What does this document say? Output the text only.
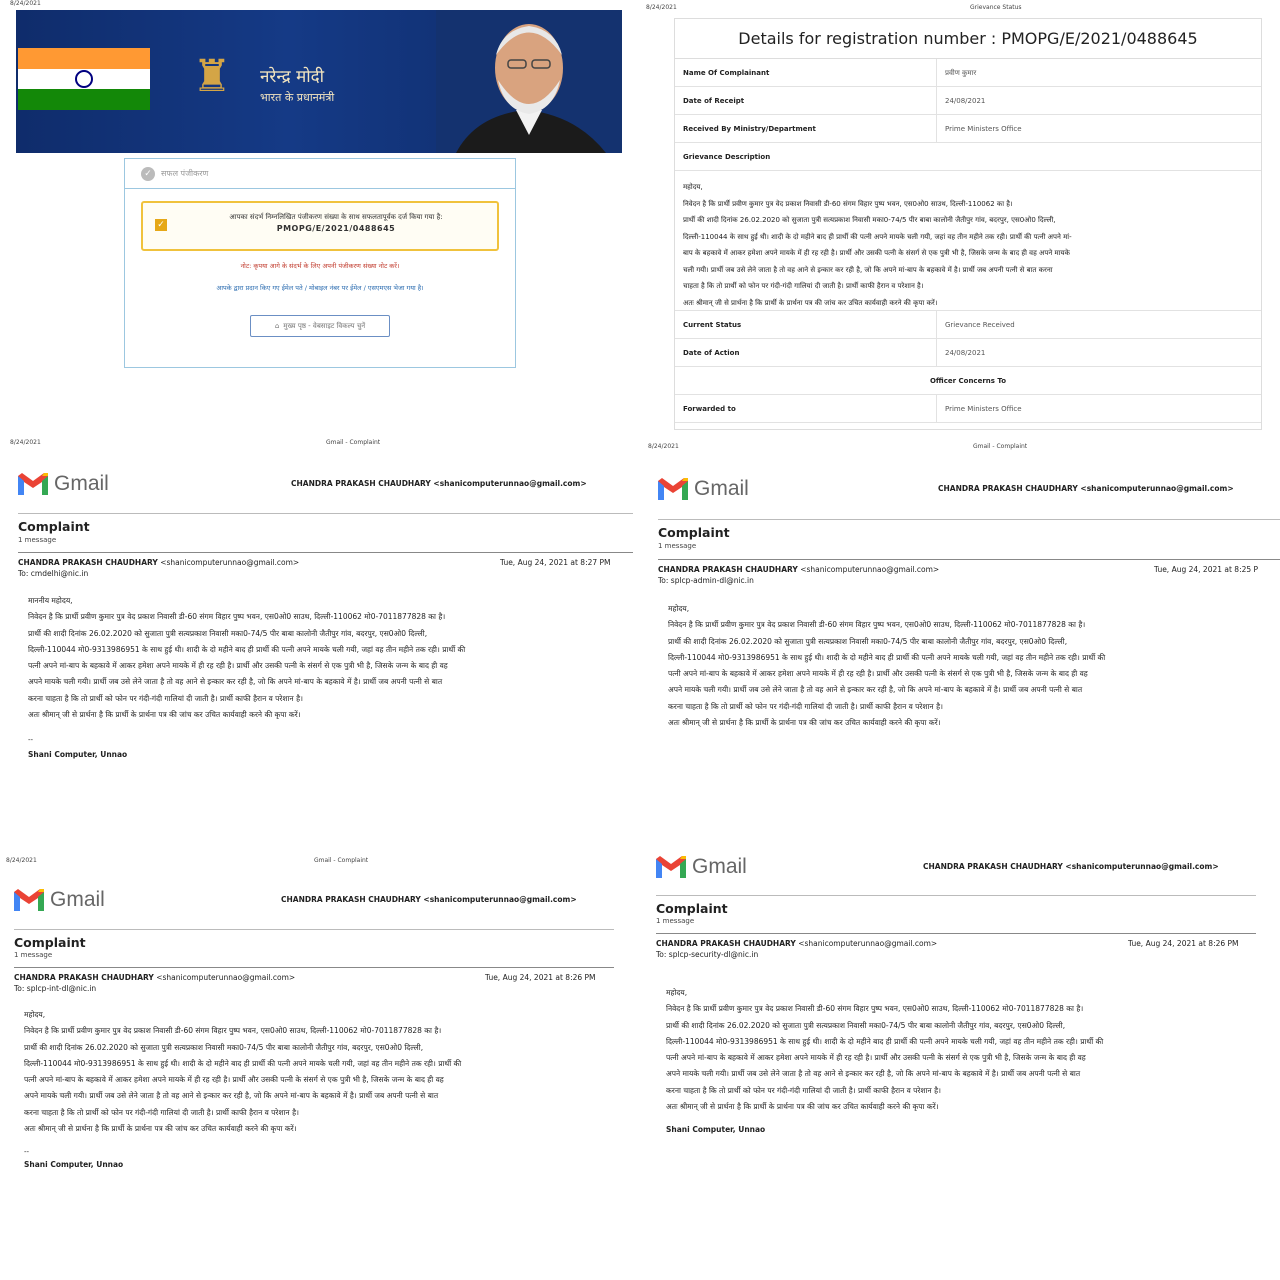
8/24/2021
♜	नरेन्द्र मोदी
भारत के प्रधानमंत्री
✓	सफल पंजीकरण
✓
आपका संदर्भ निम्नलिखित पंजीकरण संख्या के साथ सफलतापूर्वक दर्ज किया गया है:
PMOPG/E/2021/0488645
नोट: कृपया आगे के संदर्भ के लिए अपनी पंजीकरण संख्या नोट करें।
आपके द्वारा प्रदान किए गए ईमेल पते / मोबाइल नंबर पर ईमेल / एसएमएस भेजा गया है।
⌂ मुख्य पृष्ठ - वेबसाइट विकल्प चुनें
8/24/2021	Grievance Status
Details for registration number : PMOPG/E/2021/0488645
Name Of Complainant	प्रवीण कुमार
Date of Receipt	24/08/2021
Received By Ministry/Department	Prime Ministers Office
Grievance Description
महोदय,
निवेदन है कि प्रार्थी प्रवीण कुमार पुत्र वेद प्रकाश निवासी डी-60 संगम विहार पुष्प भवन, एस0ओ0 साउथ, दिल्ली-110062 का है।
प्रार्थी की शादी दिनांक 26.02.2020 को सुजाता पुत्री सत्यप्रकाश निवासी मका0-74/5 पीर बाबा कालोनी जैतीपुर गांव, बदरपुर, एस0ओ0 दिल्ली,
दिल्ली-110044 के साथ हुई थी। शादी के दो महीने बाद ही प्रार्थी की पत्नी अपने मायके चली गयी, जहां वह तीन महीने तक रही। प्रार्थी की पत्नी अपने मां-
बाप के बहकावे में आकर हमेशा अपने मायके में ही रह रही है। प्रार्थी और उसकी पत्नी के संसर्ग से एक पुत्री भी है, जिसके जन्म के बाद ही वह अपने मायके
चली गयी। प्रार्थी जब उसे लेने जाता है तो वह आने से इन्कार कर रही है, जो कि अपने मां-बाप के बहकावे में है। प्रार्थी जब अपनी पत्नी से बात करना
चाहता है कि तो प्रार्थी को फोन पर गंदी-गंदी गालियां दी जाती है। प्रार्थी काफी हैरान व परेशान है।
अतः श्रीमान् जी से प्रार्थना है कि प्रार्थी के प्रार्थना पत्र की जांच कर उचित कार्यवाही करने की कृपा करें।
Current Status	Grievance Received
Date of Action	24/08/2021
Officer Concerns To
Forwarded to	Prime Ministers Office
8/24/2021	Gmail - Complaint
Gmail	CHANDRA PRAKASH CHAUDHARY <shanicomputerunnao@gmail.com>
Complaint
1 message
CHANDRA PRAKASH CHAUDHARY <shanicomputerunnao@gmail.com>	Tue, Aug 24, 2021 at 8:27 PM
To: cmdelhi@nic.in
माननीय महोदय,
निवेदन है कि प्रार्थी प्रवीण कुमार पुत्र वेद प्रकाश निवासी डी-60 संगम विहार पुष्प भवन, एस0ओ0 साउथ, दिल्ली-110062 मो0-7011877828 का है।
प्रार्थी की शादी दिनांक 26.02.2020 को सुजाता पुत्री सत्यप्रकाश निवासी मका0-74/5 पीर बाबा कालोनी जैतीपुर गांव, बदरपुर, एस0ओ0 दिल्ली,
दिल्ली-110044 मो0-9313986951 के साथ हुई थी। शादी के दो महीने बाद ही प्रार्थी की पत्नी अपने मायके चली गयी, जहां वह तीन महीने तक रही। प्रार्थी की
पत्नी अपने मां-बाप के बहकावे में आकर हमेशा अपने मायके में ही रह रही है। प्रार्थी और उसकी पत्नी के संसर्ग से एक पुत्री भी है, जिसके जन्म के बाद ही वह
अपने मायके चली गयी। प्रार्थी जब उसे लेने जाता है तो वह आने से इन्कार कर रही है, जो कि अपने मां-बाप के बहकावे में है। प्रार्थी जब अपनी पत्नी से बात
करना चाहता है कि तो प्रार्थी को फोन पर गंदी-गंदी गालियां दी जाती है। प्रार्थी काफी हैरान व परेशान है।
अतः श्रीमान् जी से प्रार्थना है कि प्रार्थी के प्रार्थना पत्र की जांच कर उचित कार्यवाही करने की कृपा करें।
--
Shani Computer, Unnao
8/24/2021	Gmail - Complaint
Gmail	CHANDRA PRAKASH CHAUDHARY <shanicomputerunnao@gmail.com>
Complaint
1 message
CHANDRA PRAKASH CHAUDHARY <shanicomputerunnao@gmail.com>	Tue, Aug 24, 2021 at 8:25 P
To: splcp-admin-dl@nic.in
महोदय,
निवेदन है कि प्रार्थी प्रवीण कुमार पुत्र वेद प्रकाश निवासी डी-60 संगम विहार पुष्प भवन, एस0ओ0 साउथ, दिल्ली-110062 मो0-7011877828 का है।
प्रार्थी की शादी दिनांक 26.02.2020 को सुजाता पुत्री सत्यप्रकाश निवासी मका0-74/5 पीर बाबा कालोनी जैतीपुर गांव, बदरपुर, एस0ओ0 दिल्ली,
दिल्ली-110044 मो0-9313986951 के साथ हुई थी। शादी के दो महीने बाद ही प्रार्थी की पत्नी अपने मायके चली गयी, जहां वह तीन महीने तक रही। प्रार्थी की
पत्नी अपने मां-बाप के बहकावे में आकर हमेशा अपने मायके में ही रह रही है। प्रार्थी और उसकी पत्नी के संसर्ग से एक पुत्री भी है, जिसके जन्म के बाद ही वह
अपने मायके चली गयी। प्रार्थी जब उसे लेने जाता है तो वह आने से इन्कार कर रही है, जो कि अपने मां-बाप के बहकावे में है। प्रार्थी जब अपनी पत्नी से बात
करना चाहता है कि तो प्रार्थी को फोन पर गंदी-गंदी गालियां दी जाती है। प्रार्थी काफी हैरान व परेशान है।
अतः श्रीमान् जी से प्रार्थना है कि प्रार्थी के प्रार्थना पत्र की जांच कर उचित कार्यवाही करने की कृपा करें।
8/24/2021	Gmail - Complaint
Gmail	CHANDRA PRAKASH CHAUDHARY <shanicomputerunnao@gmail.com>
Complaint
1 message
CHANDRA PRAKASH CHAUDHARY <shanicomputerunnao@gmail.com>	Tue, Aug 24, 2021 at 8:26 PM
To: splcp-int-dl@nic.in
महोदय,
निवेदन है कि प्रार्थी प्रवीण कुमार पुत्र वेद प्रकाश निवासी डी-60 संगम विहार पुष्प भवन, एस0ओ0 साउथ, दिल्ली-110062 मो0-7011877828 का है।
प्रार्थी की शादी दिनांक 26.02.2020 को सुजाता पुत्री सत्यप्रकाश निवासी मका0-74/5 पीर बाबा कालोनी जैतीपुर गांव, बदरपुर, एस0ओ0 दिल्ली,
दिल्ली-110044 मो0-9313986951 के साथ हुई थी। शादी के दो महीने बाद ही प्रार्थी की पत्नी अपने मायके चली गयी, जहां वह तीन महीने तक रही। प्रार्थी की
पत्नी अपने मां-बाप के बहकावे में आकर हमेशा अपने मायके में ही रह रही है। प्रार्थी और उसकी पत्नी के संसर्ग से एक पुत्री भी है, जिसके जन्म के बाद ही वह
अपने मायके चली गयी। प्रार्थी जब उसे लेने जाता है तो वह आने से इन्कार कर रही है, जो कि अपने मां-बाप के बहकावे में है। प्रार्थी जब अपनी पत्नी से बात
करना चाहता है कि तो प्रार्थी को फोन पर गंदी-गंदी गालियां दी जाती है। प्रार्थी काफी हैरान व परेशान है।
अतः श्रीमान् जी से प्रार्थना है कि प्रार्थी के प्रार्थना पत्र की जांच कर उचित कार्यवाही करने की कृपा करें।
--
Shani Computer, Unnao
Gmail	CHANDRA PRAKASH CHAUDHARY <shanicomputerunnao@gmail.com>
Complaint
1 message
CHANDRA PRAKASH CHAUDHARY <shanicomputerunnao@gmail.com>	Tue, Aug 24, 2021 at 8:26 PM
To: splcp-security-dl@nic.in
महोदय,
निवेदन है कि प्रार्थी प्रवीण कुमार पुत्र वेद प्रकाश निवासी डी-60 संगम विहार पुष्प भवन, एस0ओ0 साउथ, दिल्ली-110062 मो0-7011877828 का है।
प्रार्थी की शादी दिनांक 26.02.2020 को सुजाता पुत्री सत्यप्रकाश निवासी मका0-74/5 पीर बाबा कालोनी जैतीपुर गांव, बदरपुर, एस0ओ0 दिल्ली,
दिल्ली-110044 मो0-9313986951 के साथ हुई थी। शादी के दो महीने बाद ही प्रार्थी की पत्नी अपने मायके चली गयी, जहां वह तीन महीने तक रही। प्रार्थी की
पत्नी अपने मां-बाप के बहकावे में आकर हमेशा अपने मायके में ही रह रही है। प्रार्थी और उसकी पत्नी के संसर्ग से एक पुत्री भी है, जिसके जन्म के बाद ही वह
अपने मायके चली गयी। प्रार्थी जब उसे लेने जाता है तो वह आने से इन्कार कर रही है, जो कि अपने मां-बाप के बहकावे में है। प्रार्थी जब अपनी पत्नी से बात
करना चाहता है कि तो प्रार्थी को फोन पर गंदी-गंदी गालियां दी जाती है। प्रार्थी काफी हैरान व परेशान है।
अतः श्रीमान् जी से प्रार्थना है कि प्रार्थी के प्रार्थना पत्र की जांच कर उचित कार्यवाही करने की कृपा करें।
Shani Computer, Unnao
